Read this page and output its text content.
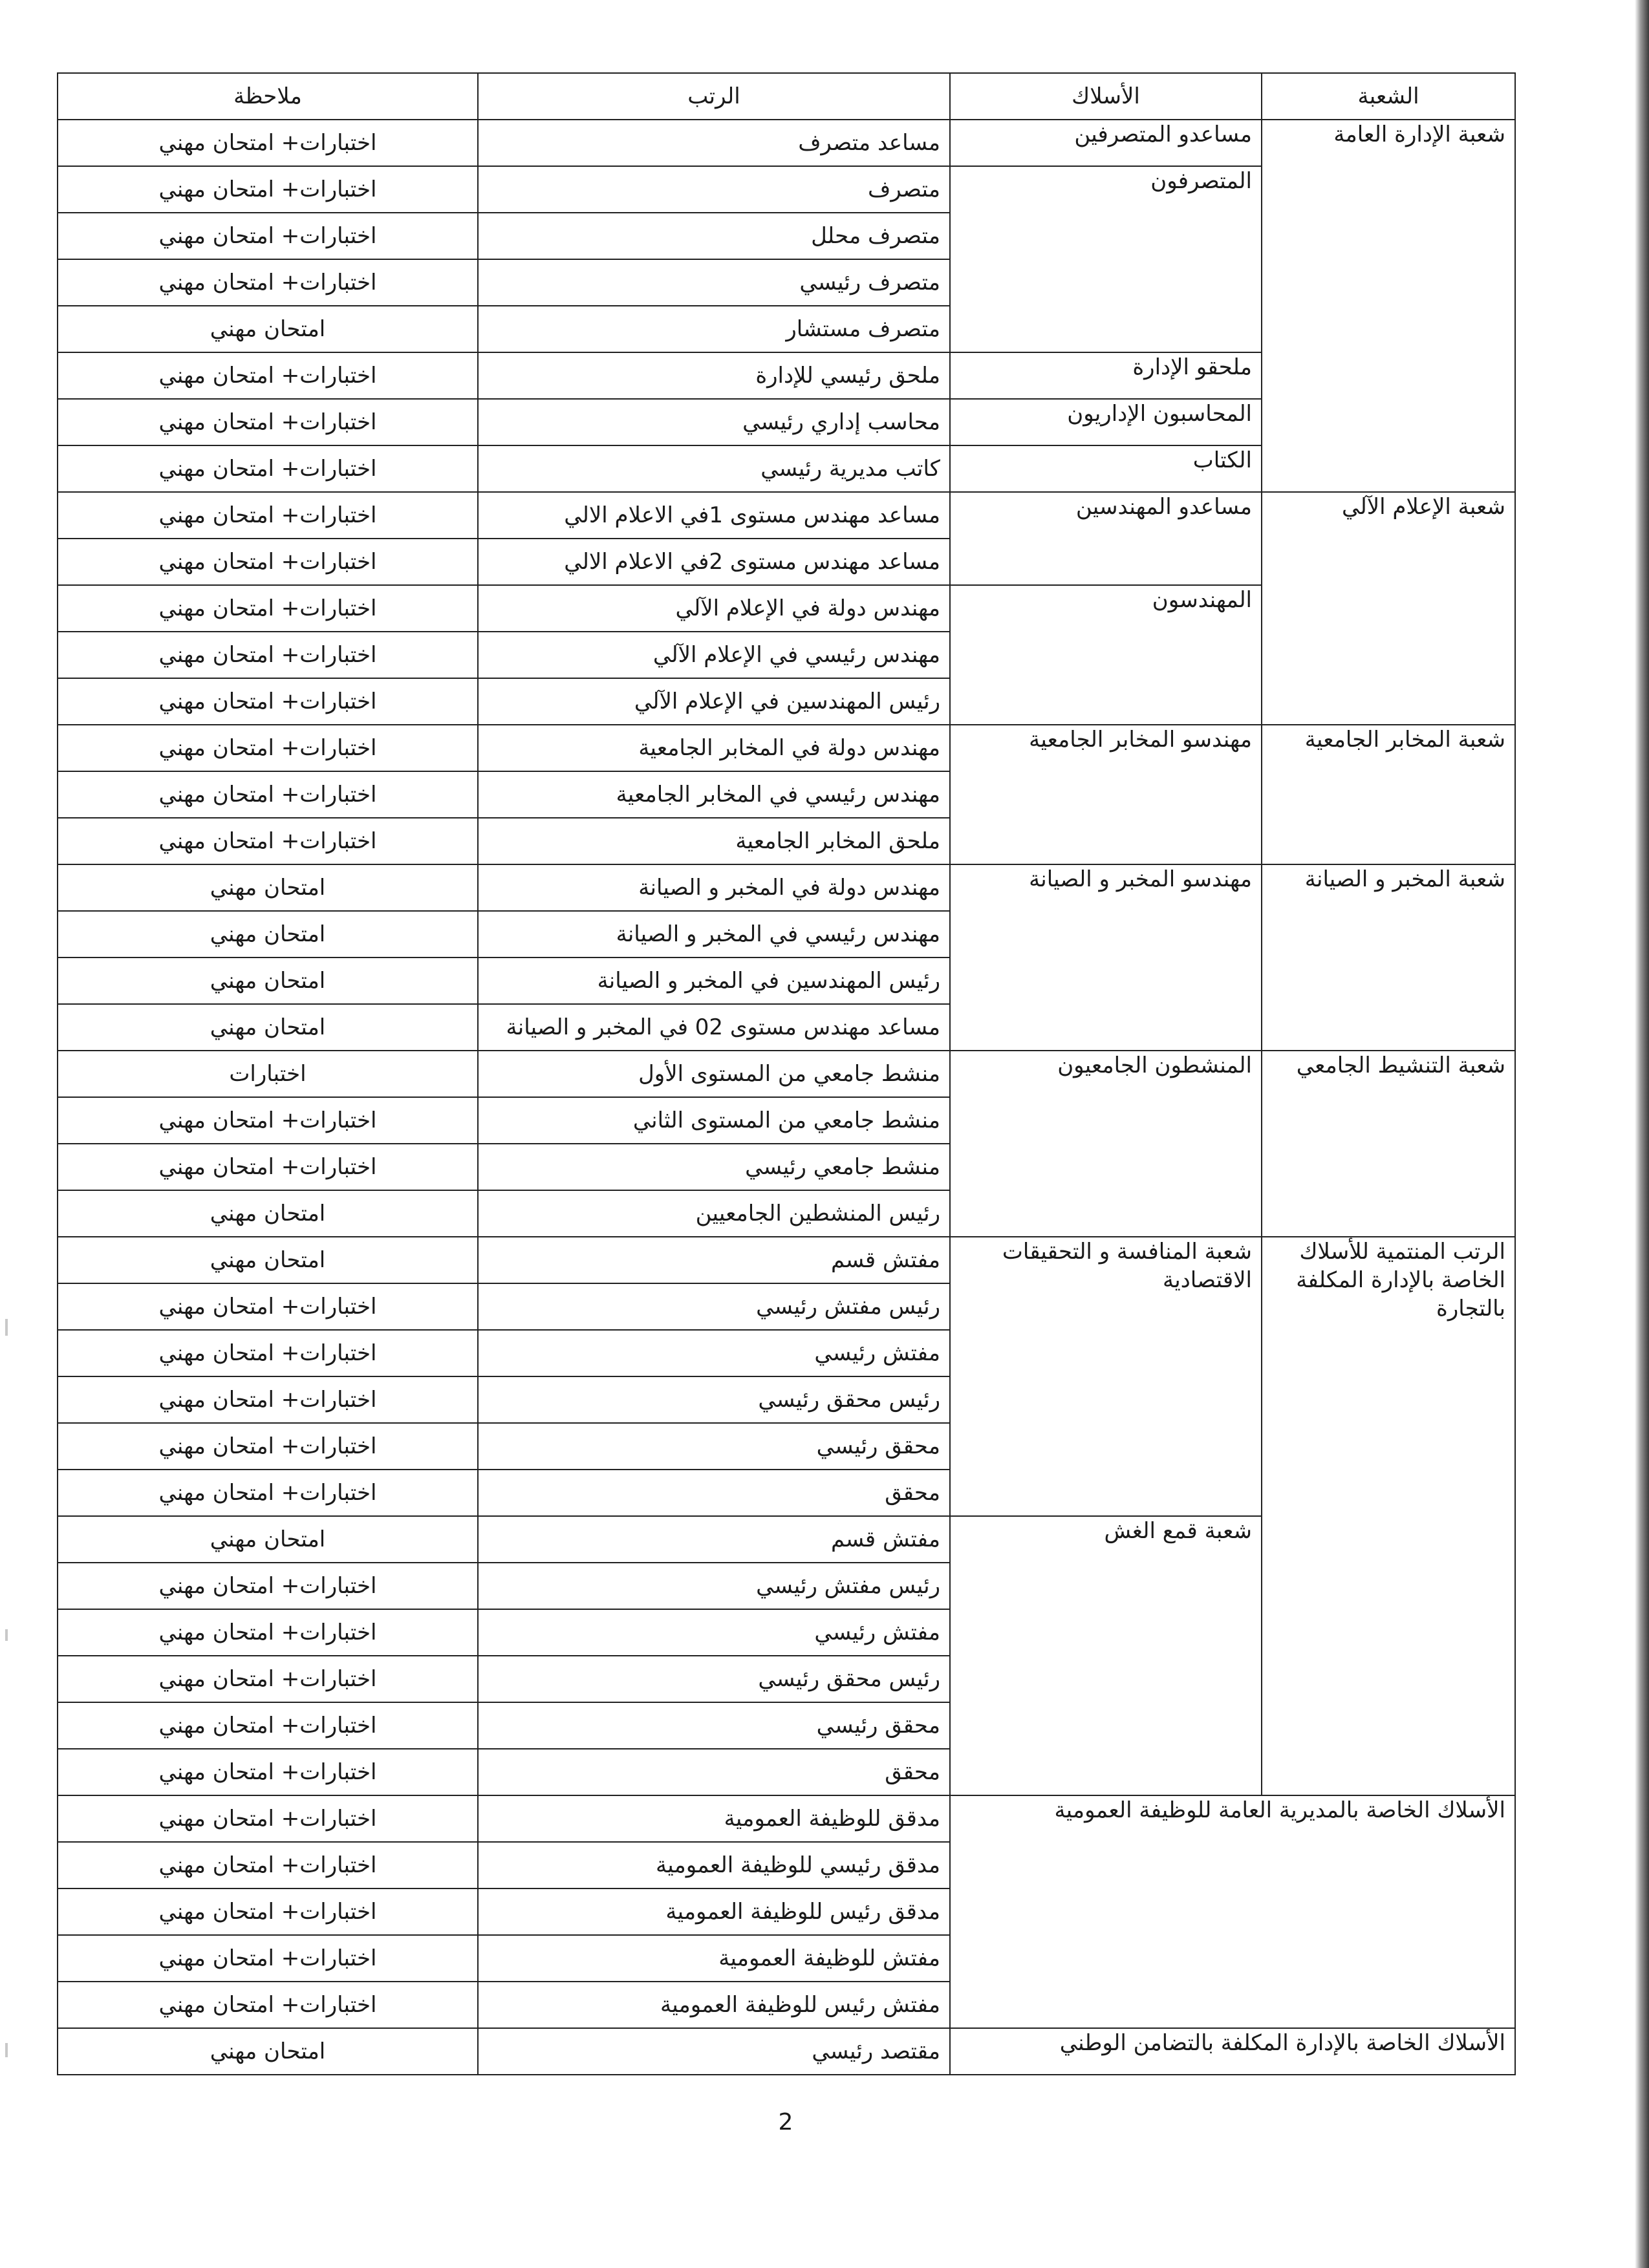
الشعبة	الأسلاك	الرتب	ملاحظة
شعبة الإدارة العامة	مساعدو المتصرفين	مساعد متصرف	اختبارات+ امتحان مهني
	المتصرفون	متصرف	اختبارات+ امتحان مهني
		متصرف محلل	اختبارات+ امتحان مهني
		متصرف رئيسي	اختبارات+ امتحان مهني
		متصرف مستشار	امتحان مهني
	ملحقو الإدارة	ملحق رئيسي للإدارة	اختبارات+ امتحان مهني
	المحاسبون الإداريون	محاسب إداري رئيسي	اختبارات+ امتحان مهني
	الكتاب	كاتب مديرية رئيسي	اختبارات+ امتحان مهني
شعبة الإعلام الآلي	مساعدو المهندسين	مساعد مهندس مستوى 1في الاعلام الالي	اختبارات+ امتحان مهني
		مساعد مهندس مستوى 2في الاعلام الالي	اختبارات+ امتحان مهني
	المهندسون	مهندس دولة في الإعلام الآلي	اختبارات+ امتحان مهني
		مهندس رئيسي في الإعلام الآلي	اختبارات+ امتحان مهني
		رئيس المهندسين في الإعلام الآلي	اختبارات+ امتحان مهني
شعبة المخابر الجامعية	مهندسو المخابر الجامعية	مهندس دولة في المخابر الجامعية	اختبارات+ امتحان مهني
		مهندس رئيسي في المخابر الجامعية	اختبارات+ امتحان مهني
		ملحق المخابر الجامعية	اختبارات+ امتحان مهني
شعبة المخبر و الصيانة	مهندسو المخبر و الصيانة	مهندس دولة في المخبر و الصيانة	امتحان مهني
		مهندس رئيسي في المخبر و الصيانة	امتحان مهني
		رئيس المهندسين في المخبر و الصيانة	امتحان مهني
		مساعد مهندس مستوى 02 في المخبر و الصيانة	امتحان مهني
شعبة التنشيط الجامعي	المنشطون الجامعيون	منشط جامعي من المستوى الأول	اختبارات
		منشط جامعي من المستوى الثاني	اختبارات+ امتحان مهني
		منشط جامعي رئيسي	اختبارات+ امتحان مهني
		رئيس المنشطين الجامعيين	امتحان مهني
الرتب المنتمية للأسلاك الخاصة بالإدارة المكلفة بالتجارة	شعبة المنافسة و التحقيقات الاقتصادية	مفتش قسم	امتحان مهني
		رئيس مفتش رئيسي	اختبارات+ امتحان مهني
		مفتش رئيسي	اختبارات+ امتحان مهني
		رئيس محقق رئيسي	اختبارات+ امتحان مهني
		محقق رئيسي	اختبارات+ امتحان مهني
		محقق	اختبارات+ امتحان مهني
	شعبة قمع الغش	مفتش قسم	امتحان مهني
		رئيس مفتش رئيسي	اختبارات+ امتحان مهني
		مفتش رئيسي	اختبارات+ امتحان مهني
		رئيس محقق رئيسي	اختبارات+ امتحان مهني
		محقق رئيسي	اختبارات+ امتحان مهني
		محقق	اختبارات+ امتحان مهني
الأسلاك الخاصة بالمديرية العامة للوظيفة العمومية		مدقق للوظيفة العمومية	اختبارات+ امتحان مهني
		مدقق رئيسي للوظيفة العمومية	اختبارات+ امتحان مهني
		مدقق رئيس للوظيفة العمومية	اختبارات+ امتحان مهني
		مفتش للوظيفة العمومية	اختبارات+ امتحان مهني
		مفتش رئيس للوظيفة العمومية	اختبارات+ امتحان مهني
الأسلاك الخاصة بالإدارة المكلفة بالتضامن الوطني		مقتصد رئيسي	امتحان مهني
2
